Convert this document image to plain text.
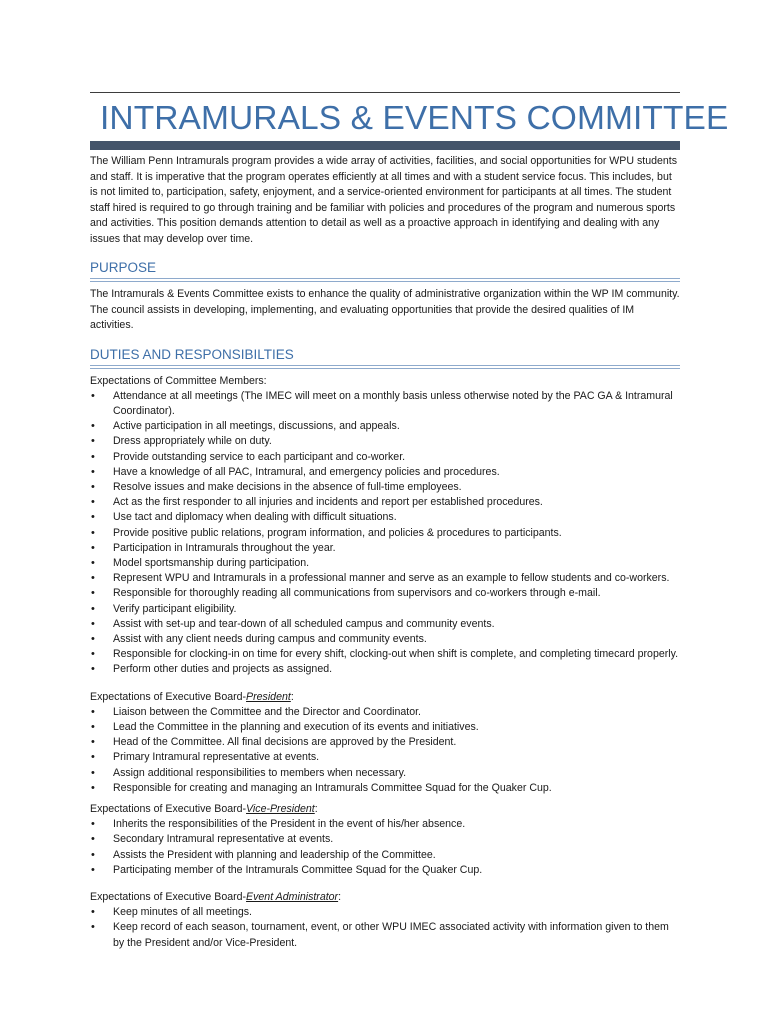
INTRAMURALS & EVENTS COMMITTEE

The William Penn Intramurals program provides a wide array of activities, facilities, and social opportunities for WPU students and staff. It is imperative that the program operates efficiently at all times and with a student service focus. This includes, but is not limited to, participation, safety, enjoyment, and a service-oriented environment for participants at all times. The student staff hired is required to go through training and be familiar with policies and procedures of the program and numerous sports and activities. This position demands attention to detail as well as a proactive approach in identifying and dealing with any issues that may develop over time.

PURPOSE

The Intramurals & Events Committee exists to enhance the quality of administrative organization within the WP IM community. The council assists in developing, implementing, and evaluating opportunities that provide the desired qualities of IM activities.

DUTIES AND RESPONSIBILTIES
Expectations of Committee Members:
• Attendance at all meetings (The IMEC will meet on a monthly basis unless otherwise noted by the PAC GA & Intramural Coordinator).
• Active participation in all meetings, discussions, and appeals.
• Dress appropriately while on duty.
• Provide outstanding service to each participant and co-worker.
• Have a knowledge of all PAC, Intramural, and emergency policies and procedures.
• Resolve issues and make decisions in the absence of full-time employees.
• Act as the first responder to all injuries and incidents and report per established procedures.
• Use tact and diplomacy when dealing with difficult situations.
• Provide positive public relations, program information, and policies & procedures to participants.
• Participation in Intramurals throughout the year.
• Model sportsmanship during participation.
• Represent WPU and Intramurals in a professional manner and serve as an example to fellow students and co-workers.
• Responsible for thoroughly reading all communications from supervisors and co-workers through e-mail.
• Verify participant eligibility.
• Assist with set-up and tear-down of all scheduled campus and community events.
• Assist with any client needs during campus and community events.
• Responsible for clocking-in on time for every shift, clocking-out when shift is complete, and completing timecard properly.
• Perform other duties and projects as assigned.
Expectations of Executive Board-President:
• Liaison between the Committee and the Director and Coordinator.
• Lead the Committee in the planning and execution of its events and initiatives.
• Head of the Committee. All final decisions are approved by the President.
• Primary Intramural representative at events.
• Assign additional responsibilities to members when necessary.
• Responsible for creating and managing an Intramurals Committee Squad for the Quaker Cup.
Expectations of Executive Board-Vice-President:
• Inherits the responsibilities of the President in the event of his/her absence.
• Secondary Intramural representative at events.
• Assists the President with planning and leadership of the Committee.
• Participating member of the Intramurals Committee Squad for the Quaker Cup.
Expectations of Executive Board-Event Administrator:
• Keep minutes of all meetings.
• Keep record of each season, tournament, event, or other WPU IMEC associated activity with information given to them by the President and/or Vice-President.
